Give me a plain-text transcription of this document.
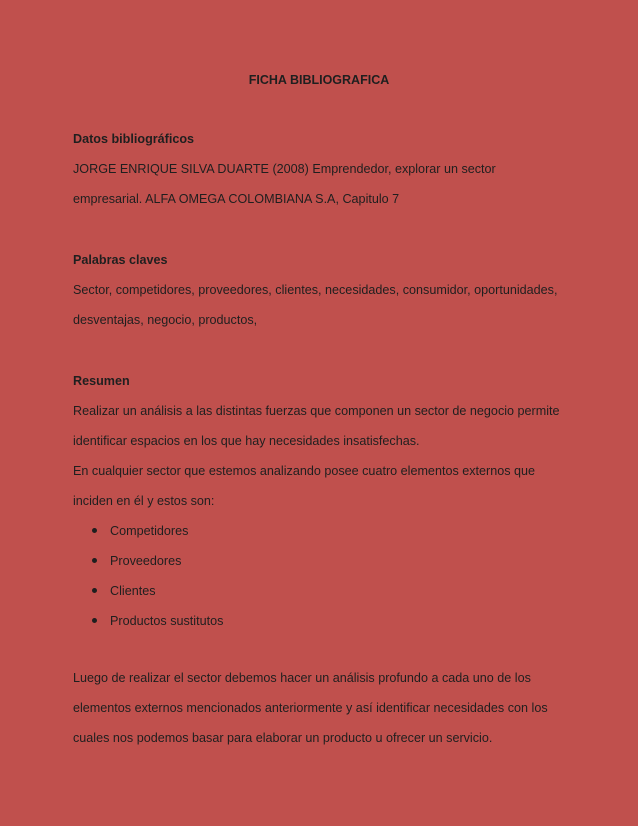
FICHA BIBLIOGRAFICA

Datos bibliográficos

JORGE ENRIQUE SILVA DUARTE (2008) Emprendedor, explorar un sector

empresarial. ALFA OMEGA COLOMBIANA S.A, Capitulo 7

Palabras claves

Sector, competidores, proveedores, clientes, necesidades, consumidor, oportunidades,

desventajas, negocio, productos,

Resumen

Realizar un análisis a las distintas fuerzas que componen un sector de negocio permite

identificar espacios en los que hay necesidades insatisfechas.

En cualquier sector que estemos analizando posee cuatro elementos externos que

inciden en él y estos son:

Competidores
Proveedores
Clientes
Productos sustitutos

Luego de realizar el sector debemos hacer un análisis profundo a cada uno de los

elementos externos mencionados anteriormente y así identificar necesidades con los

cuales nos podemos basar para elaborar un producto u ofrecer un servicio.
